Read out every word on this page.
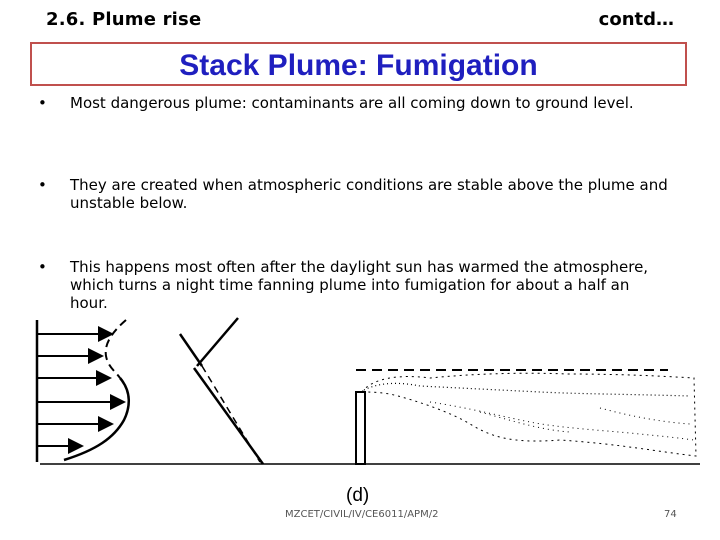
2.6. Plume rise	contd…
Stack Plume: Fumigation
• Most dangerous plume: contaminants are all coming down to ground level.
• They are created when atmospheric conditions are stable above the plume and unstable below.
• This happens most often after the daylight sun has warmed the atmosphere, which turns a night time fanning plume into fumigation for about a half an hour.
(d)
MZCET/CIVIL/IV/CE6011/APM/2	74
